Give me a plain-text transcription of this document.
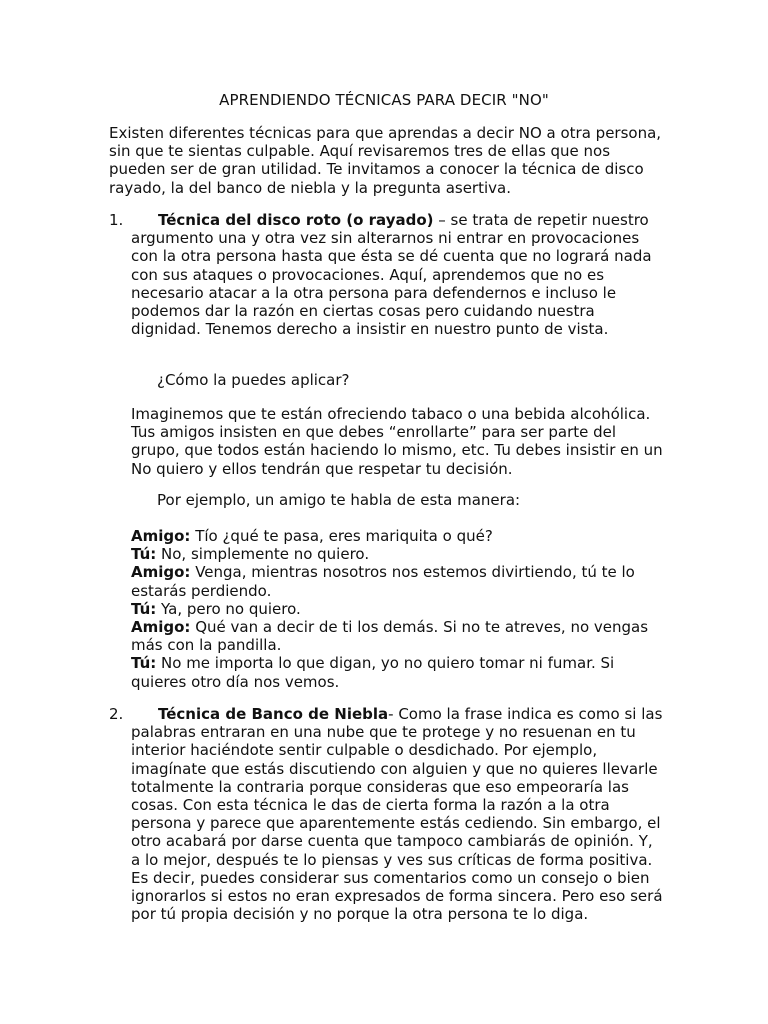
APRENDIENDO TÉCNICAS PARA DECIR "NO"

Existen diferentes técnicas para que aprendas a decir NO a otra persona, sin que te sientas culpable. Aquí revisaremos tres de ellas que nos pueden ser de gran utilidad. Te invitamos a conocer la técnica de disco rayado, la del banco de niebla y la pregunta asertiva.

1.	Técnica del disco roto (o rayado) – se trata de repetir nuestro argumento una y otra vez sin alterarnos ni entrar en provocaciones con la otra persona hasta que ésta se dé cuenta que no logrará nada con sus ataques o provocaciones. Aquí, aprendemos que no es necesario atacar a la otra persona para defendernos e incluso le podemos dar la razón en ciertas cosas pero cuidando nuestra dignidad. Tenemos derecho a insistir en nuestro punto de vista.

¿Cómo la puedes aplicar?

Imaginemos que te están ofreciendo tabaco o una bebida alcohólica. Tus amigos insisten en que debes “enrollarte” para ser parte del grupo, que todos están haciendo lo mismo, etc. Tu debes insistir en un No quiero y ellos tendrán que respetar tu decisión.

Por ejemplo, un amigo te habla de esta manera:

Amigo: Tío ¿qué te pasa, eres mariquita o qué?

Tú: No, simplemente no quiero.

Amigo: Venga, mientras nosotros nos estemos divirtiendo, tú te lo estarás perdiendo.

Tú: Ya, pero no quiero.

Amigo: Qué van a decir de ti los demás. Si no te atreves, no vengas más con la pandilla.

Tú: No me importa lo que digan, yo no quiero tomar ni fumar. Si quieres otro día nos vemos.

2.	Técnica de Banco de Niebla- Como la frase indica es como si las palabras entraran en una nube que te protege y no resuenan en tu interior haciéndote sentir culpable o desdichado. Por ejemplo, imagínate que estás discutiendo con alguien y que no quieres llevarle totalmente la contraria porque consideras que eso empeoraría las cosas. Con esta técnica le das de cierta forma la razón a la otra persona y parece que aparentemente estás cediendo. Sin embargo, el otro acabará por darse cuenta que tampoco cambiarás de opinión. Y, a lo mejor, después te lo piensas y ves sus críticas de forma positiva. Es decir, puedes considerar sus comentarios como un consejo o bien ignorarlos si estos no eran expresados de forma sincera. Pero eso será por tú propia decisión y no porque la otra persona te lo diga.
